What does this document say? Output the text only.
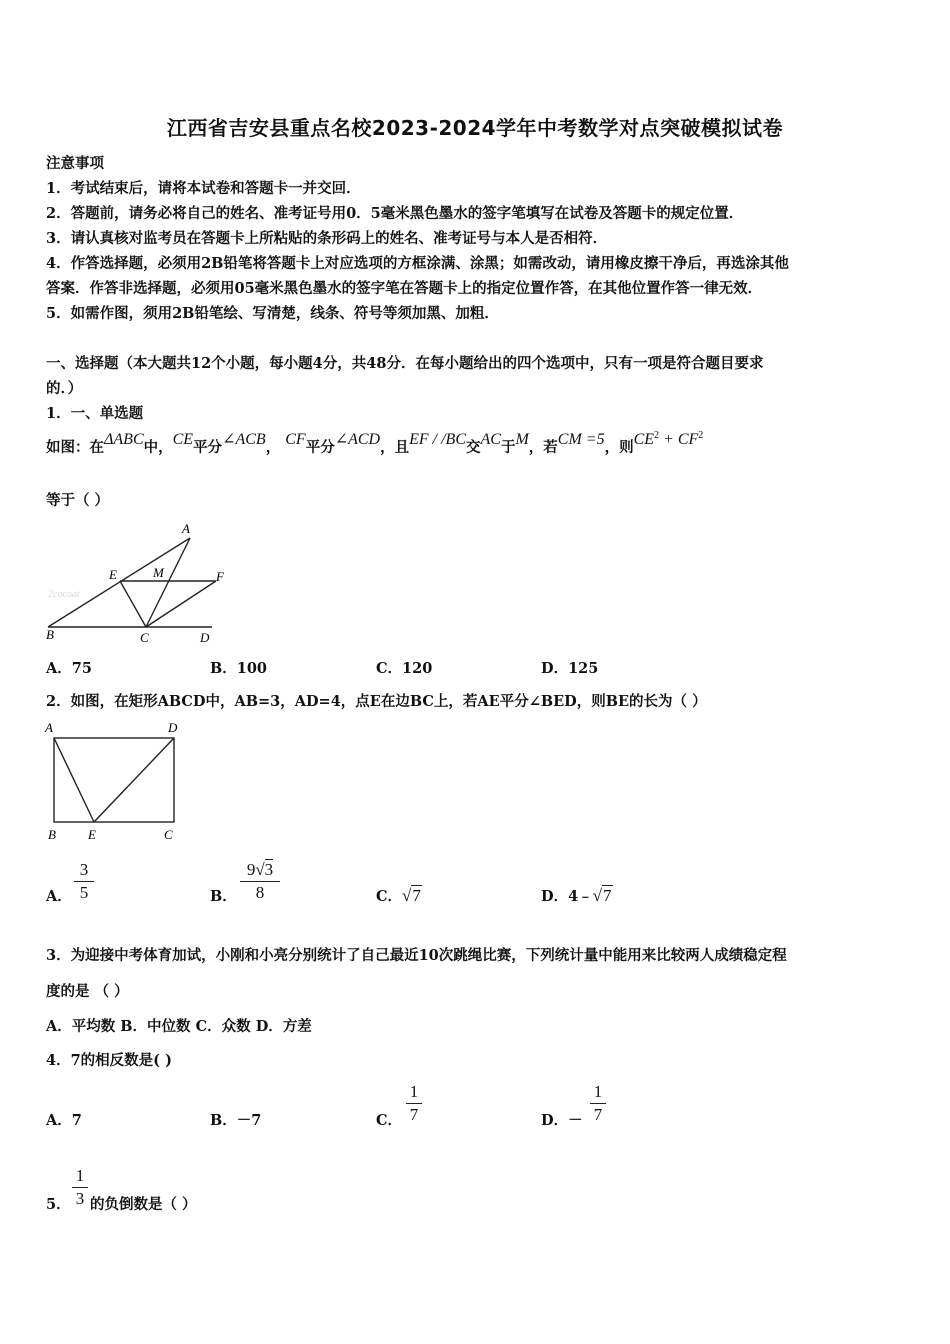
江西省吉安县重点名校2023-2024学年中考数学对点突破模拟试卷
注意事项
1．考试结束后，请将本试卷和答题卡一并交回．
2．答题前，请务必将自己的姓名、准考证号用0．5毫米黑色墨水的签字笔填写在试卷及答题卡的规定位置．
3．请认真核对监考员在答题卡上所粘贴的条形码上的姓名、准考证号与本人是否相符．
4．作答选择题，必须用2B铅笔将答题卡上对应选项的方框涂满、涂黑；如需改动，请用橡皮擦干净后，再选涂其他
答案．作答非选择题，必须用05毫米黑色墨水的签字笔在答题卡上的指定位置作答，在其他位置作答一律无效．
5．如需作图，须用2B铅笔绘、写清楚，线条、符号等须加黑、加粗．
一、选择题（本大题共12个小题，每小题4分，共48分．在每小题给出的四个选项中，只有一项是符合题目要求
的．）
1．一、单选题
如图：在ΔABC中，CE平分∠ACB， CF平分∠ACD，且EF / /BC交AC于M，若CM =5，则$CE^2 + CF^2$
等于（ ）
2cocoat
A
E	M	F
B	C	D
A．75	B．100	C．120	D．125
2．如图，在矩形ABCD中，AB=3，AD=4，点E在边BC上，若AE平分∠BED，则BE的长为（ ）
A	D
B E	C
A．
3
5	B．
9√3
8	C．√7	D．4﹣√7
3．为迎接中考体育加试，小刚和小亮分别统计了自己最近10次跳绳比赛，下列统计量中能用来比较两人成绩稳定程
度的是 （ ）
A．平均数 B．中位数 C．众数 D．方差
4．7的相反数是( )
A．7	B．－7	C．
1
7	D．－
1
7
5．
1
3 的负倒数是（ ）
